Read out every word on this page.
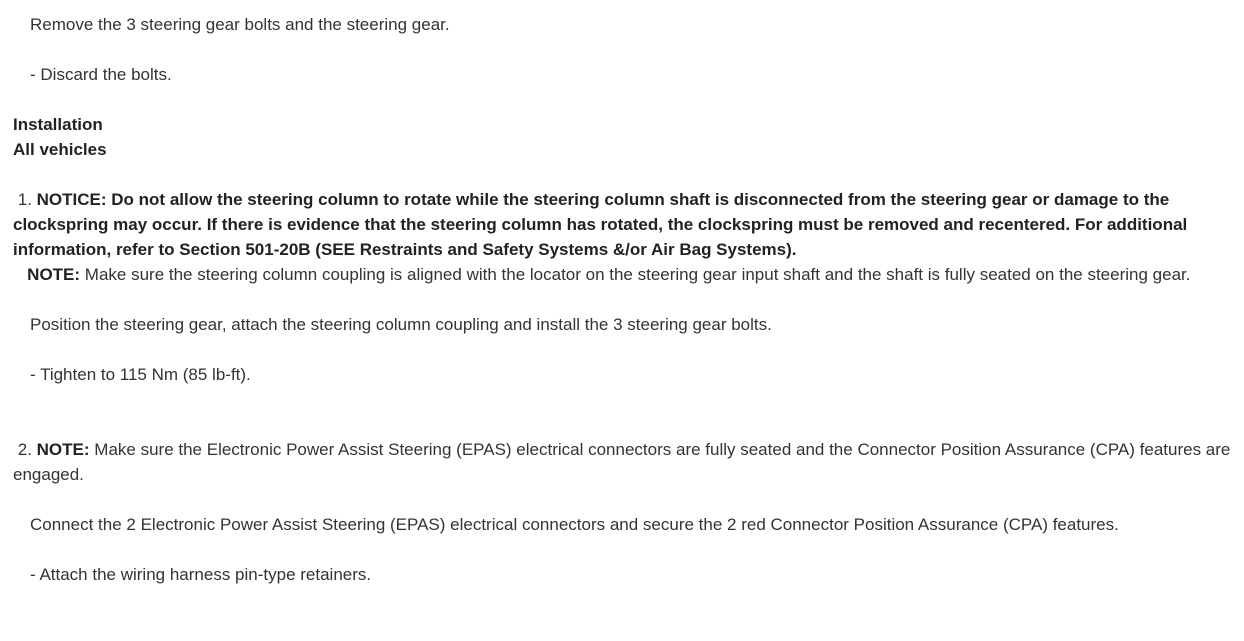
Remove the 3 steering gear bolts and the steering gear.

- Discard the bolts.

Installation

All vehicles

1. NOTICE: Do not allow the steering column to rotate while the steering column shaft is disconnected from the steering gear or damage to the clockspring may occur. If there is evidence that the steering column has rotated, the clockspring must be removed and recentered. For additional information, refer to Section 501-20B (SEE Restraints and Safety Systems &/or Air Bag Systems).

NOTE: Make sure the steering column coupling is aligned with the locator on the steering gear input shaft and the shaft is fully seated on the steering gear.

Position the steering gear, attach the steering column coupling and install the 3 steering gear bolts.

- Tighten to 115 Nm (85 lb-ft).

2. NOTE: Make sure the Electronic Power Assist Steering (EPAS) electrical connectors are fully seated and the Connector Position Assurance (CPA) features are engaged.

Connect the 2 Electronic Power Assist Steering (EPAS) electrical connectors and secure the 2 red Connector Position Assurance (CPA) features.

- Attach the wiring harness pin-type retainers.
